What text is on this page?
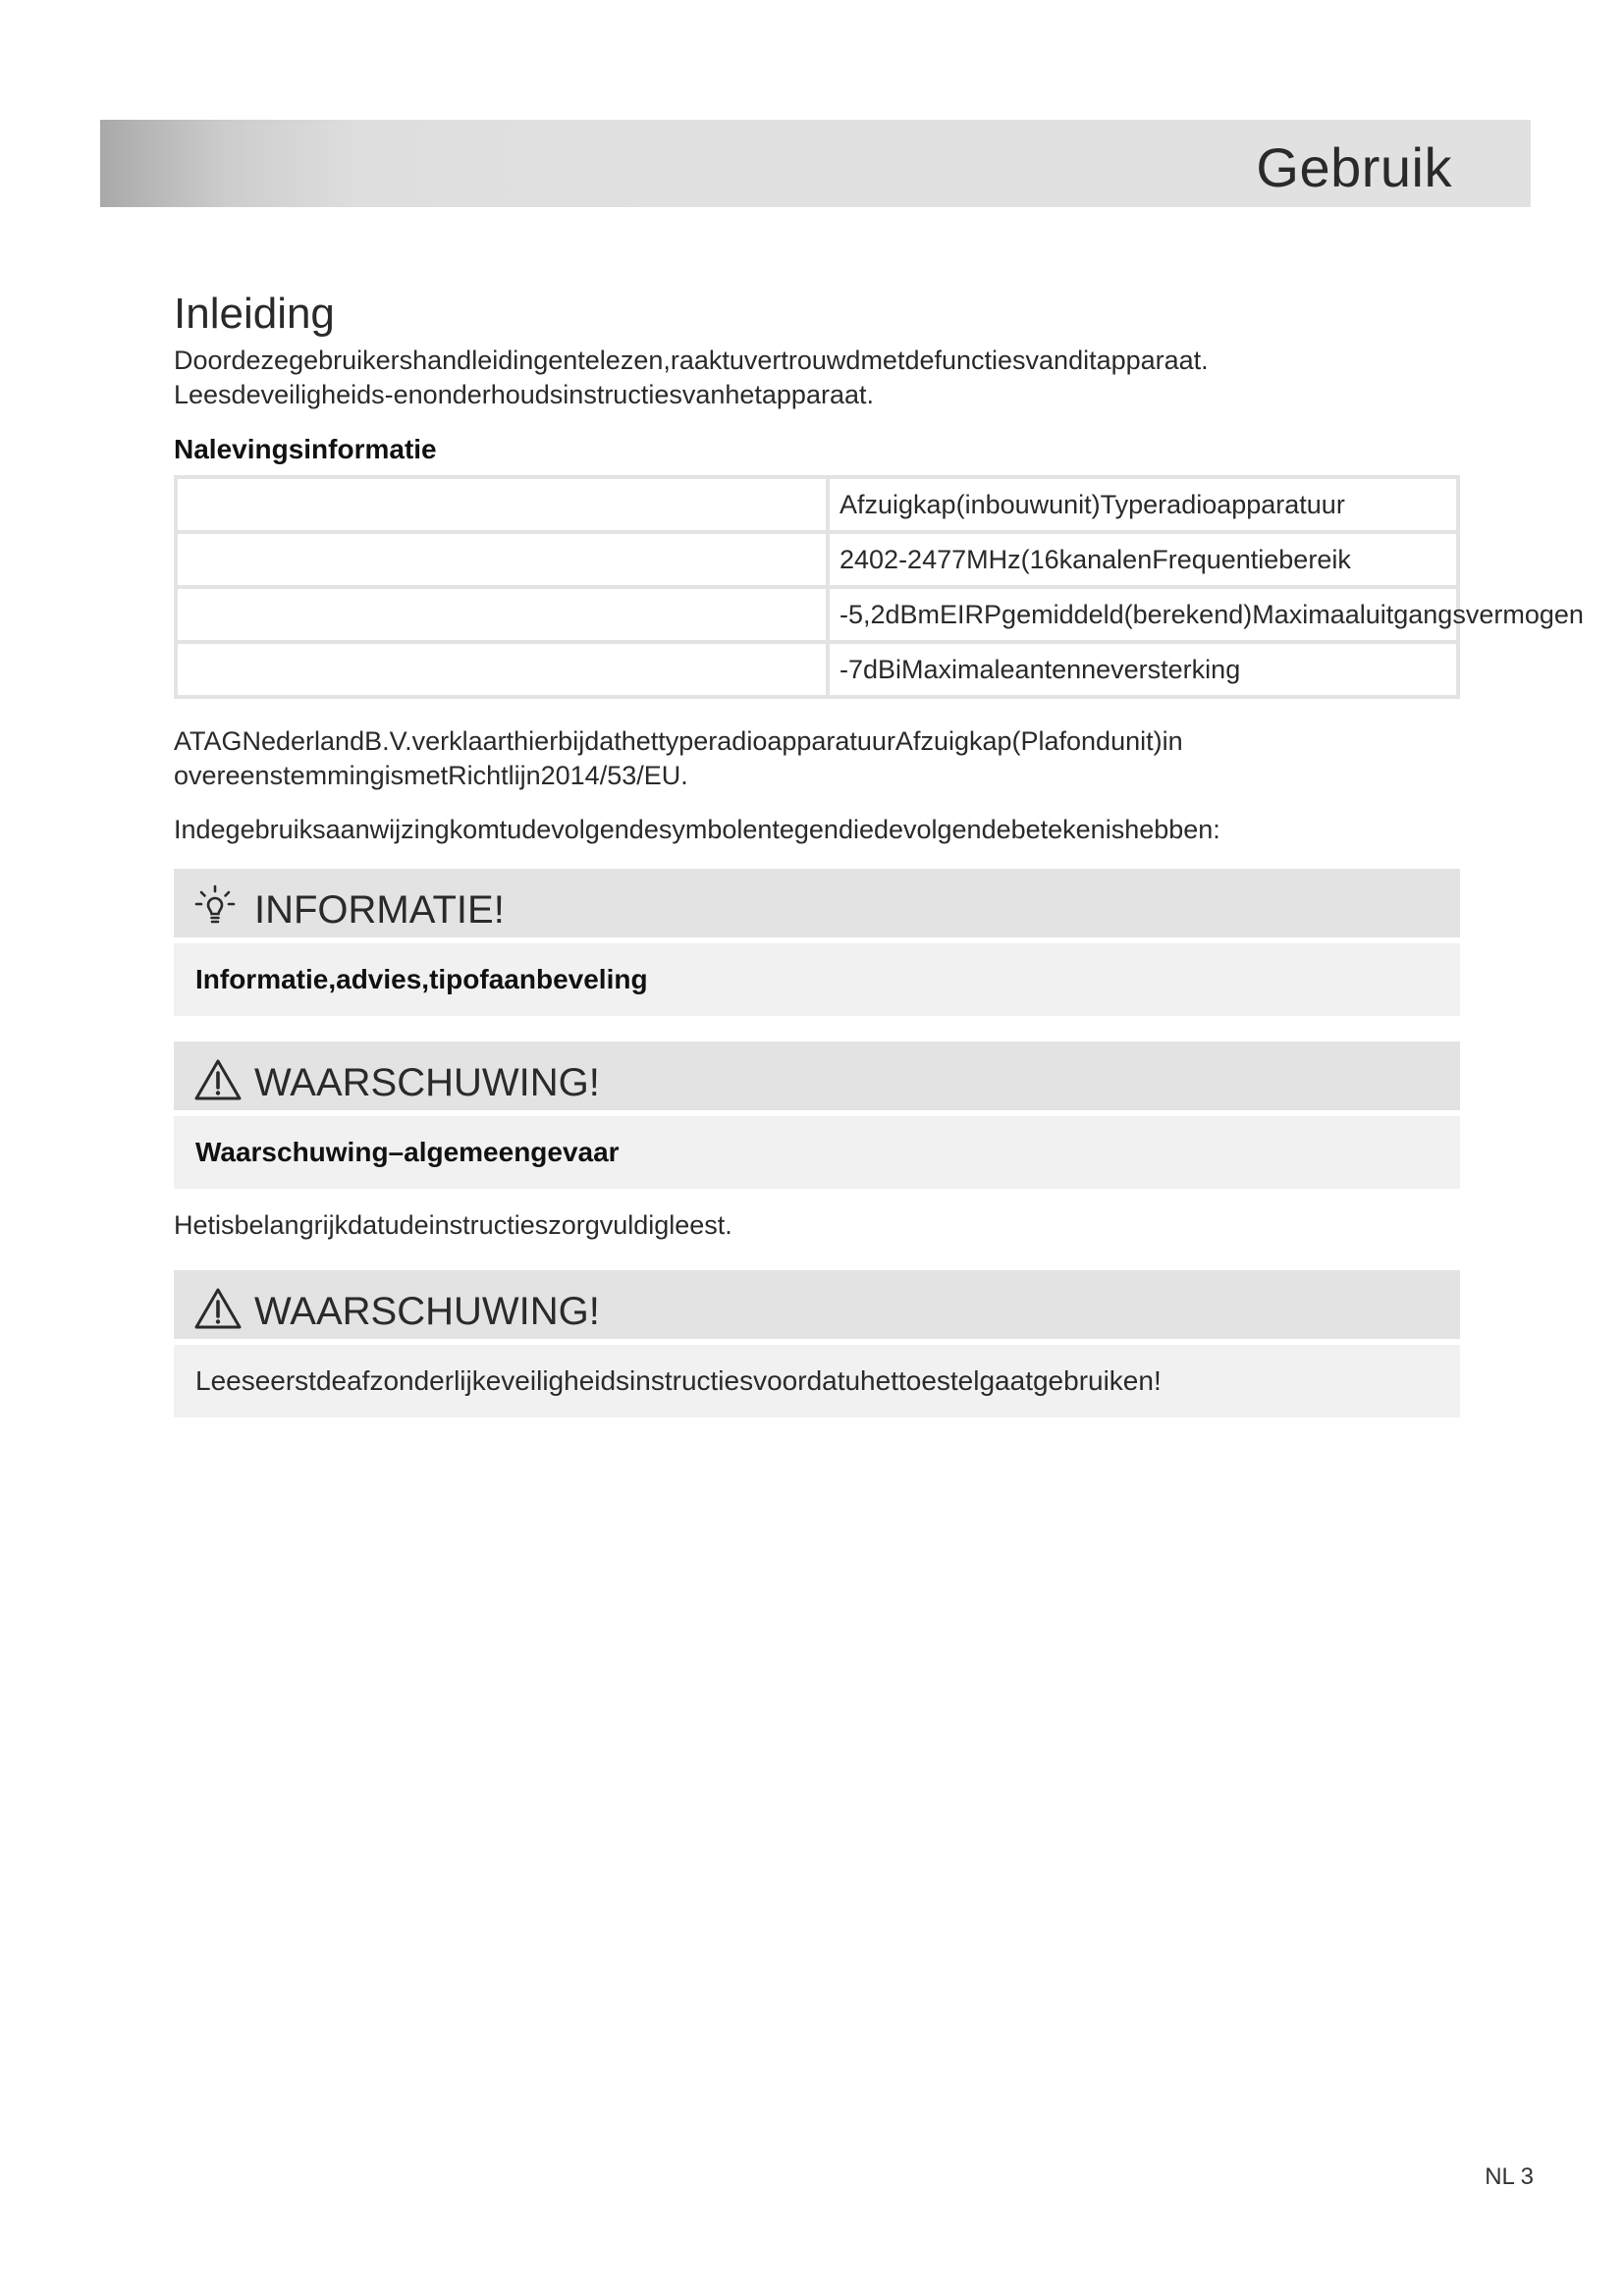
Gebruik
Inleiding

Doordezegebruikershandleidingentelezen,raaktuvertrouwdmetdefunctiesvanditapparaat.

Leesdeveiligheids-enonderhoudsinstructiesvanhetapparaat.

Nalevingsinformatie
	Afzuigkap(inbouwunit)Typeradioapparatuur
	2402-2477MHz(16kanalenFrequentiebereik
	-5,2dBmEIRPgemiddeld(berekend)Maximaaluitgangsvermogen
	-7dBiMaximaleantenneversterking

ATAGNederlandB.V.verklaarthierbijdathettyperadioapparatuurAfzuigkap(Plafondunit)in

overeenstemmingismetRichtlijn2014/53/EU.

Indegebruiksaanwijzingkomtudevolgendesymbolentegendiedevolgendebetekenishebben:

INFORMATIE!
Informatie,advies,tipofaanbeveling
WAARSCHUWING!
Waarschuwing–algemeengevaar

Hetisbelangrijkdatudeinstructieszorgvuldigleest.

WAARSCHUWING!
Leeseerstdeafzonderlijkeveiligheidsinstructiesvoordatuhettoestelgaatgebruiken!
NL 3
